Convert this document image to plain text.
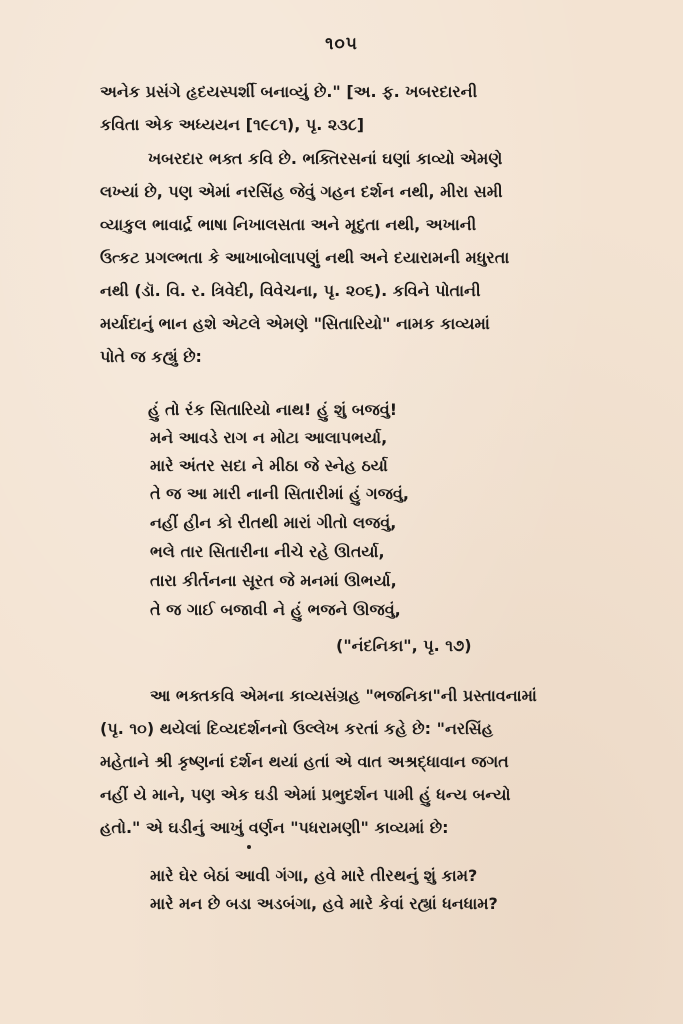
૧૦૫
અનેક પ્રસંગે હૃદયસ્પર્શી બનાવ્યું છે." [અ. ફ. ખબરદારની
કવિતા એક અધ્યયન [૧૯૮૧), પૃ. ૨૩૮]
ખબરદાર ભક્ત કવિ છે. ભક્તિરસનાં ઘણાં કાવ્યો એમણે
લખ્યાં છે, પણ એમાં નરસિંહ જેવું ગહન દર્શન નથી, મીરા સમી
વ્યાકુલ ભાવાર્દ્ર ભાષા નિખાલસતા અને મૃદુતા નથી, અખાની
ઉત્કટ પ્રગલ્ભતા કે આખાબોલાપણું નથી અને દયારામની મધુરતા
નથી (ડૉ. વિ. ર. ત્રિવેદી, વિવેચના, પૃ. ૨૦૬). કવિને પોતાની
મર્યાદાનું ભાન હશે એટલે એમણે "સિતારિયો" નામક કાવ્યમાં
પોતે જ કહ્યું છે:
હું તો રંક સિતારિયો નાથ! હું શું બજવું!
મને આવડે રાગ ન મોટા આલાપભર્યા,
મારે અંતર સદા ને મીઠા જે સ્નેહ ઠર્યા
તે જ આ મારી નાની સિતારીમાં હું ગજવું,
નહીં હીન કો રીતથી મારાં ગીતો લજવું,
ભલે તાર સિતારીના નીચે રહે ઊતર્યા,
તારા કીર્તનના સૂરત જે મનમાં ઊભર્યા,
તે જ ગાઈ બજાવી ને હું ભજને ઊજવું,
("નંદનિકા", પૃ. ૧૭)
આ ભક્તકવિ એમના કાવ્યસંગ્રહ "ભજનિકા"ની પ્રસ્તાવનામાં
(પૃ. ૧૦) થયેલાં દિવ્યદર્શનનો ઉલ્લેખ કરતાં કહે છે: "નરસિંહ
મહેતાને શ્રી કૃષ્ણનાં દર્શન થયાં હતાં એ વાત અશ્રદ્ધાવાન જગત
નહીં યે માને, પણ એક ઘડી એમાં પ્રભુદર્શન પામી હું ધન્ય બન્યો
હતો." એ ઘડીનું આખું વર્ણન "પધરામણી" કાવ્યમાં છે:
મારે ઘેર બેઠાં આવી ગંગા, હવે મારે તીરથનું શું કામ?
મારે મન છે બડા અડબંગા, હવે મારે કેવાં રહ્યાં ધનધામ?
